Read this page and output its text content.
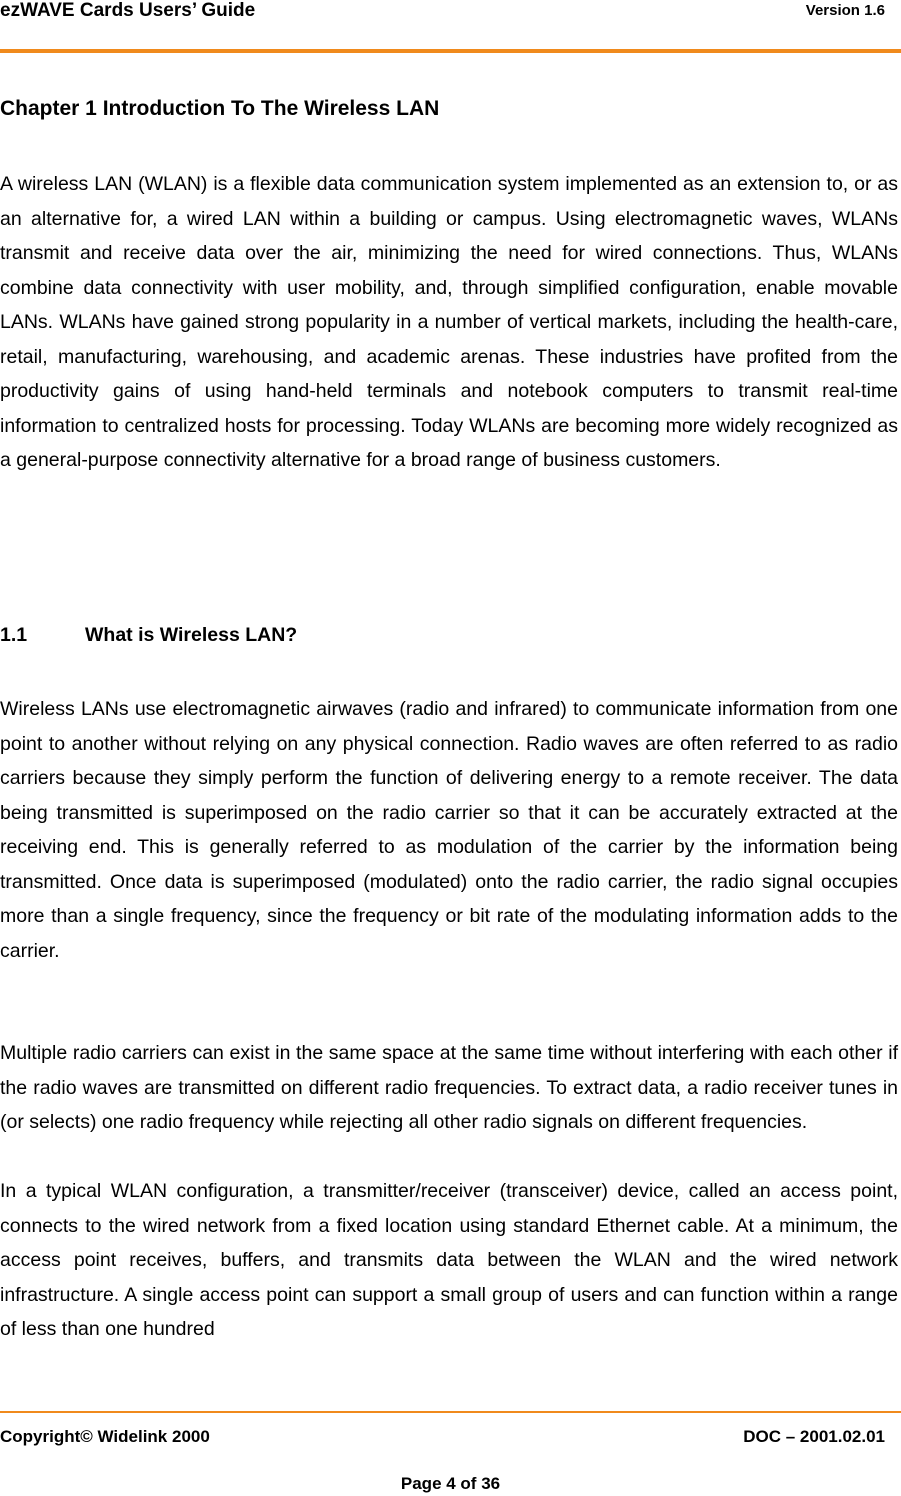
ezWAVE Cards Users’ Guide	Version 1.6
Chapter 1 Introduction To The Wireless LAN

A wireless LAN (WLAN) is a flexible data communication system implemented as an extension to, or as an alternative for, a wired LAN within a building or campus. Using electromagnetic waves, WLANs transmit and receive data over the air, minimizing the need for wired connections. Thus, WLANs combine data connectivity with user mobility, and, through simplified configuration, enable movable LANs. WLANs have gained strong popularity in a number of vertical markets, including the health-care, retail, manufacturing, warehousing, and academic arenas. These industries have profited from the productivity gains of using hand-held terminals and notebook computers to transmit real-time information to centralized hosts for processing. Today WLANs are becoming more widely recognized as a general-purpose connectivity alternative for a broad range of business customers.

1.1	What is Wireless LAN?

Wireless LANs use electromagnetic airwaves (radio and infrared) to communicate information from one point to another without relying on any physical connection. Radio waves are often referred to as radio carriers because they simply perform the function of delivering energy to a remote receiver. The data being transmitted is superimposed on the radio carrier so that it can be accurately extracted at the receiving end. This is generally referred to as modulation of the carrier by the information being transmitted. Once data is superimposed (modulated) onto the radio carrier, the radio signal occupies more than a single frequency, since the frequency or bit rate of the modulating information adds to the carrier.

Multiple radio carriers can exist in the same space at the same time without interfering with each other if the radio waves are transmitted on different radio frequencies. To extract data, a radio receiver tunes in (or selects) one radio frequency while rejecting all other radio signals on different frequencies.

In a typical WLAN configuration, a transmitter/receiver (transceiver) device, called an access point, connects to the wired network from a fixed location using standard Ethernet cable. At a minimum, the access point receives, buffers, and transmits data between the WLAN and the wired network infrastructure. A single access point can support a small group of users and can function within a range of less than one hundred

Copyright© Widelink 2000	DOC – 2001.02.01
Page 4 of 36
